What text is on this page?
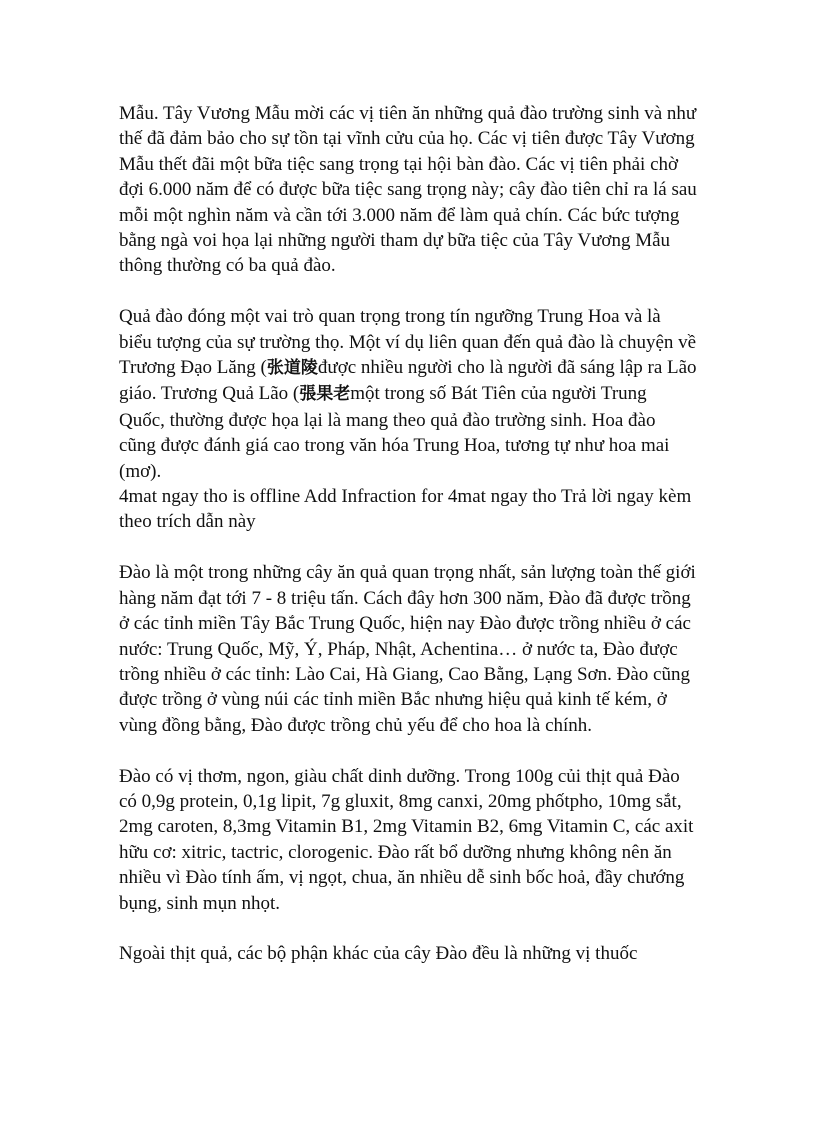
Mẫu. Tây Vương Mẫu mời các vị tiên ăn những quả đào trường sinh và như thế đã đảm bảo cho sự tồn tại vĩnh cửu của họ. Các vị tiên được Tây Vương Mẫu thết đãi một bữa tiệc sang trọng tại hội bàn đào. Các vị tiên phải chờ đợi 6.000 năm để có được bữa tiệc sang trọng này; cây đào tiên chỉ ra lá sau mỗi một nghìn năm và cần tới 3.000 năm để làm quả chín. Các bức tượng bằng ngà voi họa lại những người tham dự bữa tiệc của Tây Vương Mẫu thông thường có ba quả đào.

Quả đào đóng một vai trò quan trọng trong tín ngưỡng Trung Hoa và là biểu tượng của sự trường thọ. Một ví dụ liên quan đến quả đào là chuyện về Trương Đạo Lăng (张道陵được nhiều người cho là người đã sáng lập ra Lão giáo. Trương Quả Lão (張果老một trong số Bát Tiên của người Trung Quốc, thường được họa lại là mang theo quả đào trường sinh. Hoa đào cũng được đánh giá cao trong văn hóa Trung Hoa, tương tự như hoa mai (mơ).

4mat ngay tho is offline Add Infraction for 4mat ngay tho Trả lời ngay kèm theo trích dẫn này

Đào là một trong những cây ăn quả quan trọng nhất, sản lượng toàn thế giới hàng năm đạt tới 7 - 8 triệu tấn. Cách đây hơn 300 năm, Đào đã được trồng ở các tỉnh miền Tây Bắc Trung Quốc, hiện nay Đào được trồng nhiều ở các nước: Trung Quốc, Mỹ, Ý, Pháp, Nhật, Achentina… ở nước ta, Đào được trồng nhiều ở các tỉnh: Lào Cai, Hà Giang, Cao Bằng, Lạng Sơn. Đào cũng được trồng ở vùng núi các tỉnh miền Bắc nhưng hiệu quả kinh tế kém, ở vùng đồng bằng, Đào được trồng chủ yếu để cho hoa là chính.

Đào có vị thơm, ngon, giàu chất dinh dưỡng. Trong 100g củi thịt quả Đào có 0,9g protein, 0,1g lipit, 7g gluxit, 8mg canxi, 20mg phốtpho, 10mg sắt, 2mg caroten, 8,3mg Vitamin B1, 2mg Vitamin B2, 6mg Vitamin C, các axit hữu cơ: xitric, tactric, clorogenic. Đào rất bổ dưỡng nhưng không nên ăn nhiều vì Đào tính ấm, vị ngọt, chua, ăn nhiều dễ sinh bốc hoả, đầy chướng bụng, sinh mụn nhọt.

Ngoài thịt quả, các bộ phận khác của cây Đào đều là những vị thuốc
